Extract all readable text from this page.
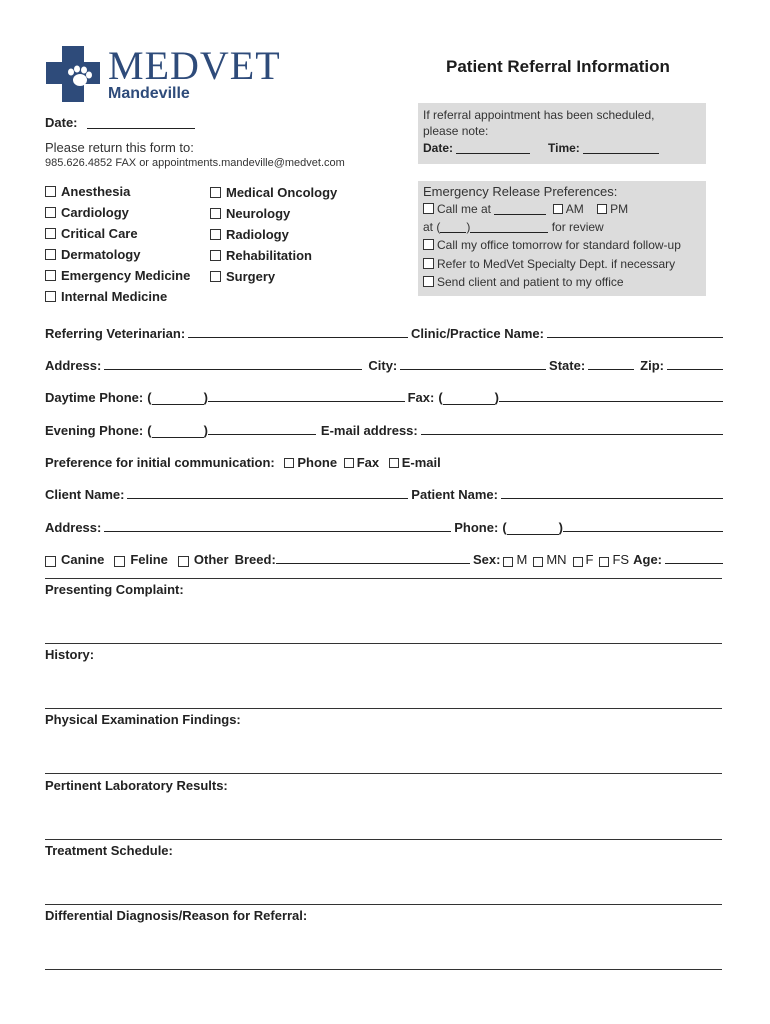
MEDVET
Mandeville
Patient Referral Information
Date:
Please return this form to:
985.626.4852 FAX or appointments.mandeville@medvet.com
If referral appointment has been scheduled,
please note:
Date:	Time:
Anesthesia
Cardiology
Critical Care
Dermatology
Emergency Medicine
Internal Medicine
Medical Oncology
Neurology
Radiology
Rehabilitation
Surgery
Emergency Release Preferences:
Call me at	AM PM
at ( )	for review
Call my office tomorrow for standard follow-up
Refer to MedVet Specialty Dept. if necessary
Send client and patient to my office
Referring Veterinarian:	Clinic/Practice Name:
Address:	City:	State:	Zip:
Daytime Phone: (	)	Fax: (	)
Evening Phone: (	)	E-mail address:
Preference for initial communication: Phone Fax E-mail
Client Name:	Patient Name:
Address:	Phone: (	)
Canine Feline Other Breed:	Sex: M MN F FS Age:
Presenting Complaint:
History:
Physical Examination Findings:
Pertinent Laboratory Results:
Treatment Schedule:
Differential Diagnosis/Reason for Referral:
